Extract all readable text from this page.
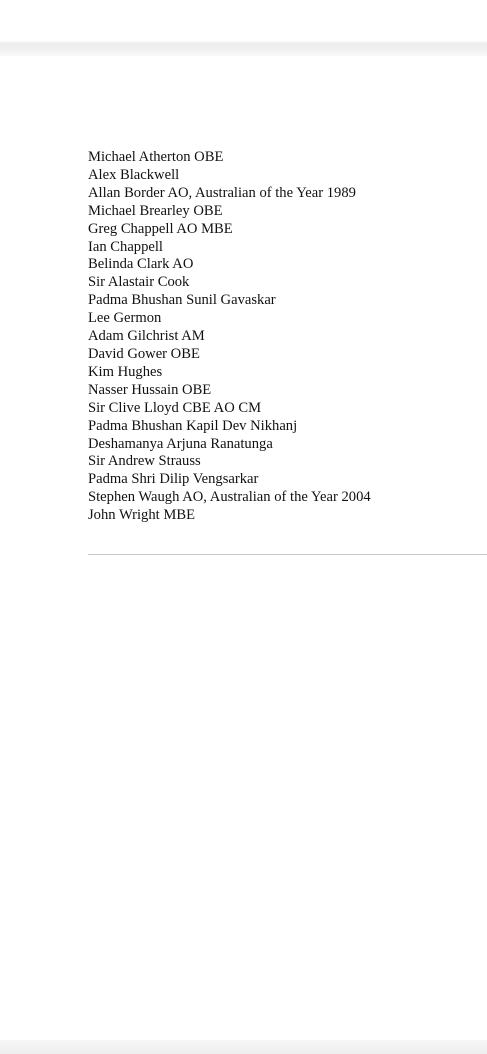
Michael Atherton OBE
Alex Blackwell
Allan Border AO, Australian of the Year 1989
Michael Brearley OBE
Greg Chappell AO MBE
Ian Chappell
Belinda Clark AO
Sir Alastair Cook
Padma Bhushan Sunil Gavaskar
Lee Germon
Adam Gilchrist AM
David Gower OBE
Kim Hughes
Nasser Hussain OBE
Sir Clive Lloyd CBE AO CM
Padma Bhushan Kapil Dev Nikhanj
Deshamanya Arjuna Ranatunga
Sir Andrew Strauss
Padma Shri Dilip Vengsarkar
Stephen Waugh AO, Australian of the Year 2004
John Wright MBE
